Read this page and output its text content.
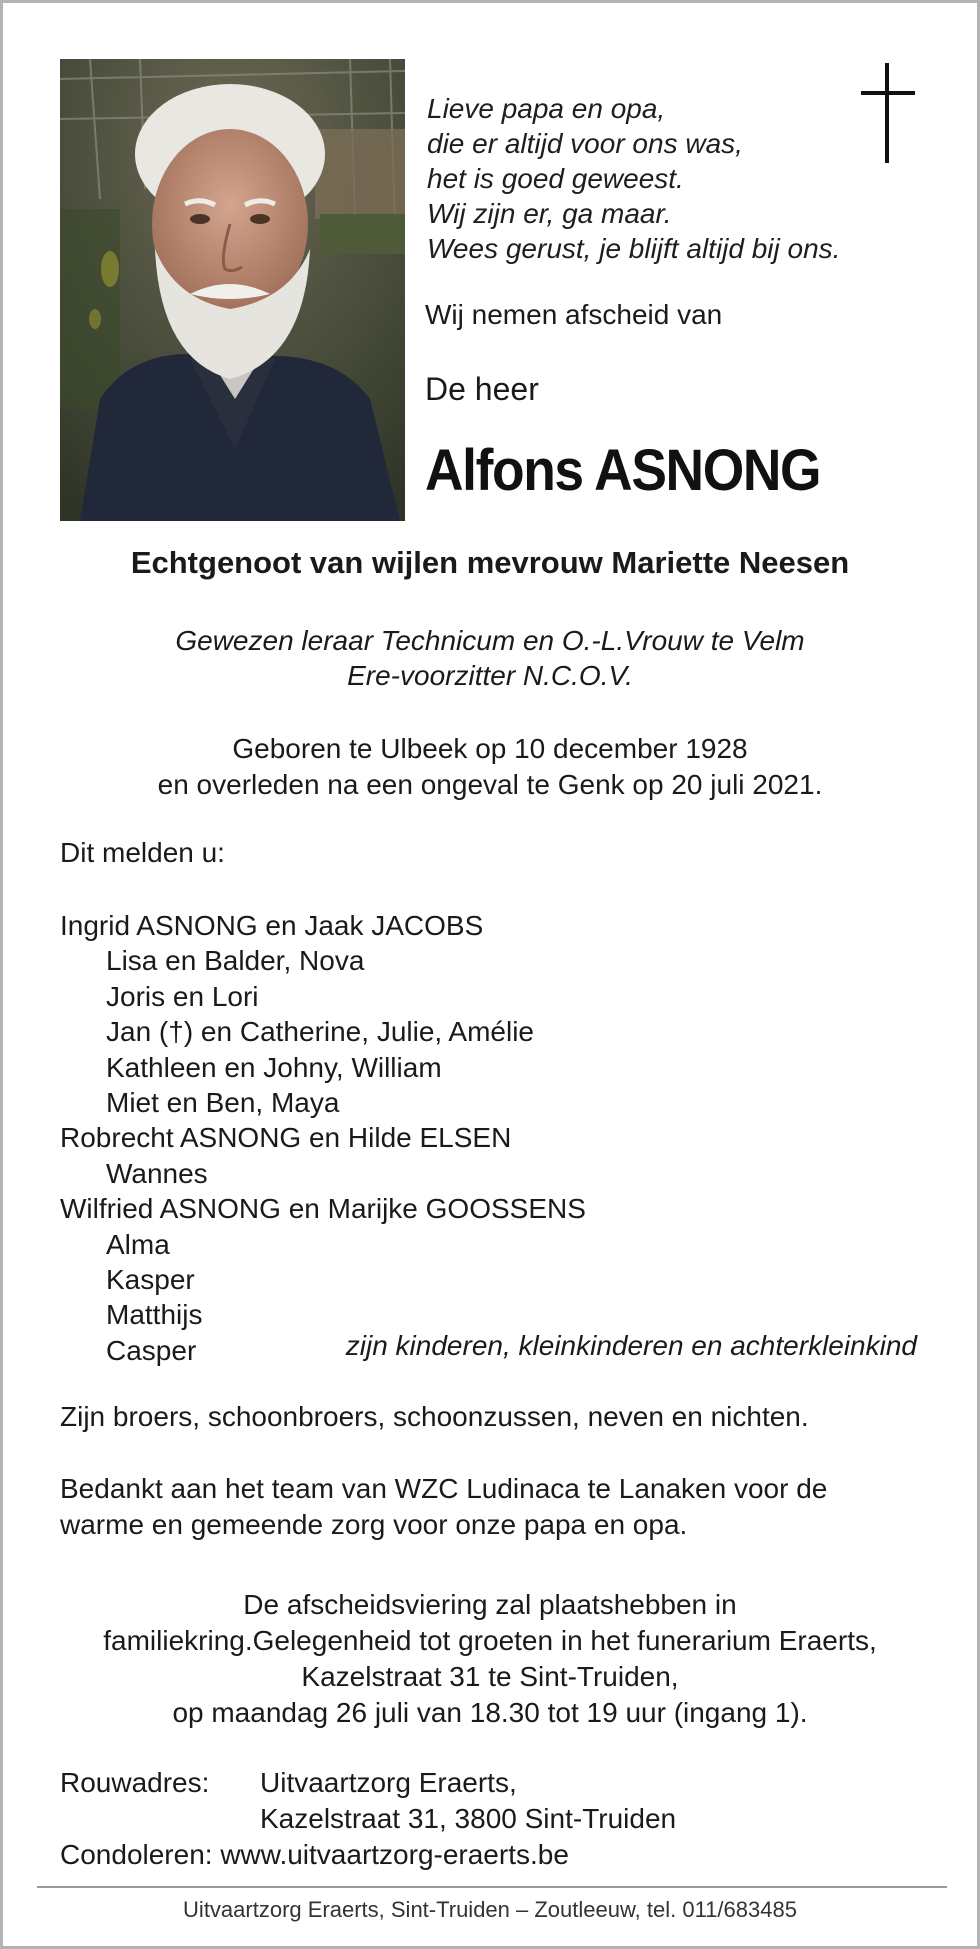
Lieve papa en opa,
die er altijd voor ons was,
het is goed geweest.
Wij zijn er, ga maar.
Wees gerust, je blijft altijd bij ons.
Wij nemen afscheid van
De heer
Alfons ASNONG
Echtgenoot van wijlen mevrouw Mariette Neesen
Gewezen leraar Technicum en O.-L.Vrouw te Velm
Ere-voorzitter N.C.O.V.
Geboren te Ulbeek op 10 december 1928
en overleden na een ongeval te Genk op 20 juli 2021.
Dit melden u:
Ingrid ASNONG en Jaak JACOBS
Lisa en Balder, Nova
Joris en Lori
Jan (†) en Catherine, Julie, Amélie
Kathleen en Johny, William
Miet en Ben, Maya
Robrecht ASNONG en Hilde ELSEN
Wannes
Wilfried ASNONG en Marijke GOOSSENS
Alma
Kasper
Matthijs
Casper	zijn kinderen, kleinkinderen en achterkleinkind
Zijn broers, schoonbroers, schoonzussen, neven en nichten.
Bedankt aan het team van WZC Ludinaca te Lanaken voor de
warme en gemeende zorg voor onze papa en opa.
De afscheidsviering zal plaatshebben in
familiekring.Gelegenheid tot groeten in het funerarium Eraerts,
Kazelstraat 31 te Sint-Truiden,
op maandag 26 juli van 18.30 tot 19 uur (ingang 1).
Rouwadres: Uitvaartzorg Eraerts,
Kazelstraat 31, 3800 Sint-Truiden
Condoleren: www.uitvaartzorg-eraerts.be
Uitvaartzorg Eraerts, Sint-Truiden – Zoutleeuw, tel. 011/683485
